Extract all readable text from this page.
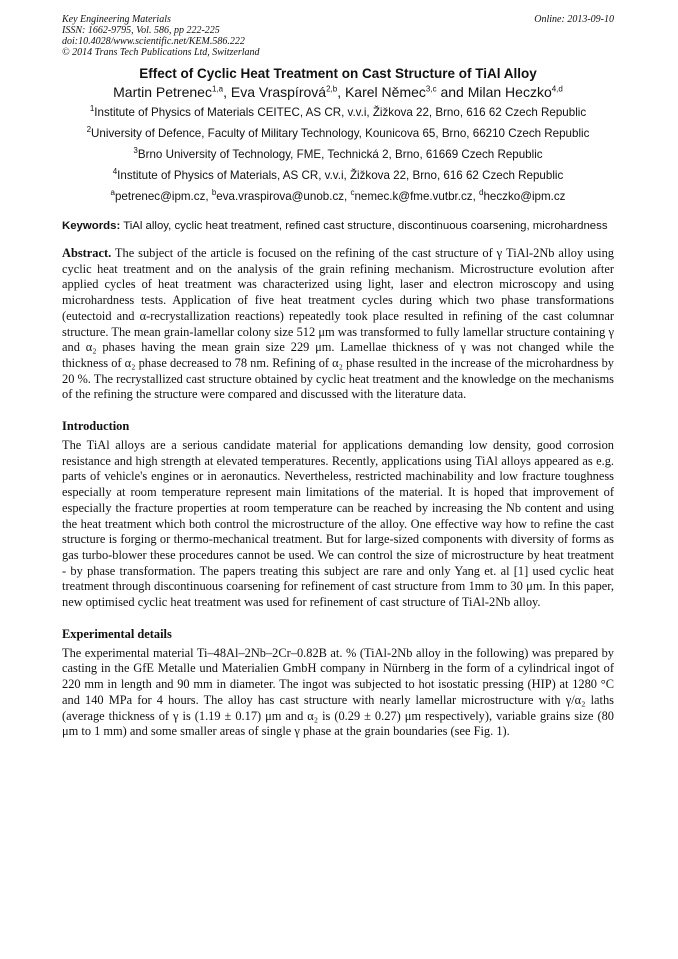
Key Engineering Materials
ISSN: 1662-9795, Vol. 586, pp 222-225
doi:10.4028/www.scientific.net/KEM.586.222
© 2014 Trans Tech Publications Ltd, Switzerland
Online: 2013-09-10
Effect of Cyclic Heat Treatment on Cast Structure of TiAl Alloy
Martin Petrenec$^{1,a}$, Eva Vraspírová$^{2,b}$, Karel Němec$^{3,c}$ and Milan Heczko$^{4,d}$

$^1$Institute of Physics of Materials CEITEC, AS CR, v.v.i, Žižkova 22, Brno, 616 62 Czech Republic

$^2$University of Defence, Faculty of Military Technology, Kounicova 65, Brno, 66210 Czech Republic

$^3$Brno University of Technology, FME, Technická 2, Brno, 61669 Czech Republic

$^4$Institute of Physics of Materials, AS CR, v.v.i, Žižkova 22, Brno, 616 62 Czech Republic

$^a$petrenec@ipm.cz, $^b$eva.vraspirova@unob.cz, $^c$nemec.k@fme.vutbr.cz, $^d$heczko@ipm.cz

Keywords: TiAl alloy, cyclic heat treatment, refined cast structure, discontinuous coarsening, microhardness
Abstract. The subject of the article is focused on the refining of the cast structure of γ TiAl-2Nb alloy using cyclic heat treatment and on the analysis of the grain refining mechanism. Microstructure evolution after applied cycles of heat treatment was characterized using light, laser and electron microscopy and using microhardness tests. Application of five heat treatment cycles during which two phase transformations (eutectoid and α-recrystallization reactions) repeatedly took place resulted in refining of the cast columnar structure. The mean grain-lamellar colony size 512 μm was transformed to fully lamellar structure containing γ and α₂ phases having the mean grain size 229 μm. Lamellae thickness of γ was not changed while the thickness of α₂ phase decreased to 78 nm. Refining of α₂ phase resulted in the increase of the microhardness by 20 %. The recrystallized cast structure obtained by cyclic heat treatment and the knowledge on the mechanisms of the refining the structure were compared and discussed with the literature data.
Introduction

The TiAl alloys are a serious candidate material for applications demanding low density, good corrosion resistance and high strength at elevated temperatures. Recently, applications using TiAl alloys appeared as e.g. parts of vehicle's engines or in aeronautics. Nevertheless, restricted machinability and low fracture toughness especially at room temperature represent main limitations of the material. It is hoped that improvement of especially the fracture properties at room temperature can be reached by increasing the Nb content and using the heat treatment which both control the microstructure of the alloy. One effective way how to refine the cast structure is forging or thermo-mechanical treatment. But for large-sized components with diversity of forms as gas turbo-blower these procedures cannot be used. We can control the size of microstructure by heat treatment - by phase transformation. The papers treating this subject are rare and only Yang et. al [1] used cyclic heat treatment through discontinuous coarsening for refinement of cast structure from 1mm to 30 μm. In this paper, new optimised cyclic heat treatment was used for refinement of cast structure of TiAl-2Nb alloy.

Experimental details

The experimental material Ti–48Al–2Nb–2Cr–0.82B at. % (TiAl-2Nb alloy in the following) was prepared by casting in the GfE Metalle und Materialien GmbH company in Nürnberg in the form of a cylindrical ingot of 220 mm in length and 90 mm in diameter. The ingot was subjected to hot isostatic pressing (HIP) at 1280 °C and 140 MPa for 4 hours. The alloy has cast structure with nearly lamellar microstructure with γ/α₂ laths (average thickness of γ is (1.19 ± 0.17) μm and α₂ is (0.29 ± 0.27) μm respectively), variable grains size (80 μm to 1 mm) and some smaller areas of single γ phase at the grain boundaries (see Fig. 1).
